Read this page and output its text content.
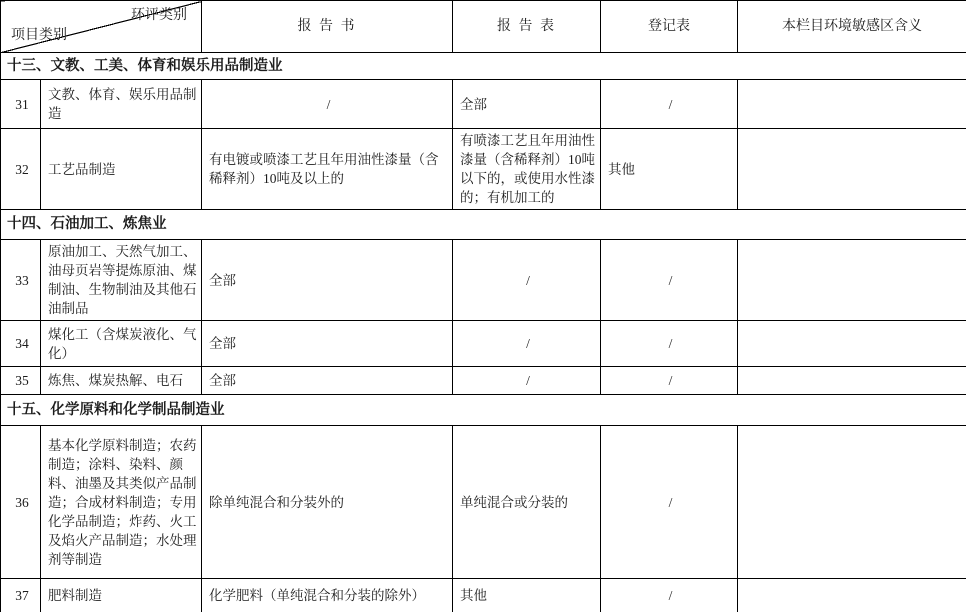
环评类别
项目类别		报 告 书	报 告 表	登记表	本栏目环境敏感区含义
十三、文教、工美、体育和娱乐用品制造业					
31	文教、体育、娱乐用品制造	/	全部	/	
32	工艺品制造	有电镀或喷漆工艺且年用油性漆量（含稀释剂）10吨及以上的	有喷漆工艺且年用油性漆量（含稀释剂）10吨以下的，或使用水性漆的；有机加工的	其他	
十四、石油加工、炼焦业					
33	原油加工、天然气加工、油母页岩等提炼原油、煤制油、生物制油及其他石油制品	全部	/	/	
34	煤化工（含煤炭液化、气化）	全部	/	/	
35	炼焦、煤炭热解、电石	全部	/	/	
十五、化学原料和化学制品制造业					
36	基本化学原料制造；农药制造；涂料、染料、颜料、油墨及其类似产品制造；合成材料制造；专用化学品制造；炸药、火工及焰火产品制造；水处理剂等制造	除单纯混合和分装外的	单纯混合或分装的	/	
37	肥料制造	化学肥料（单纯混合和分装的除外）	其他	/	
